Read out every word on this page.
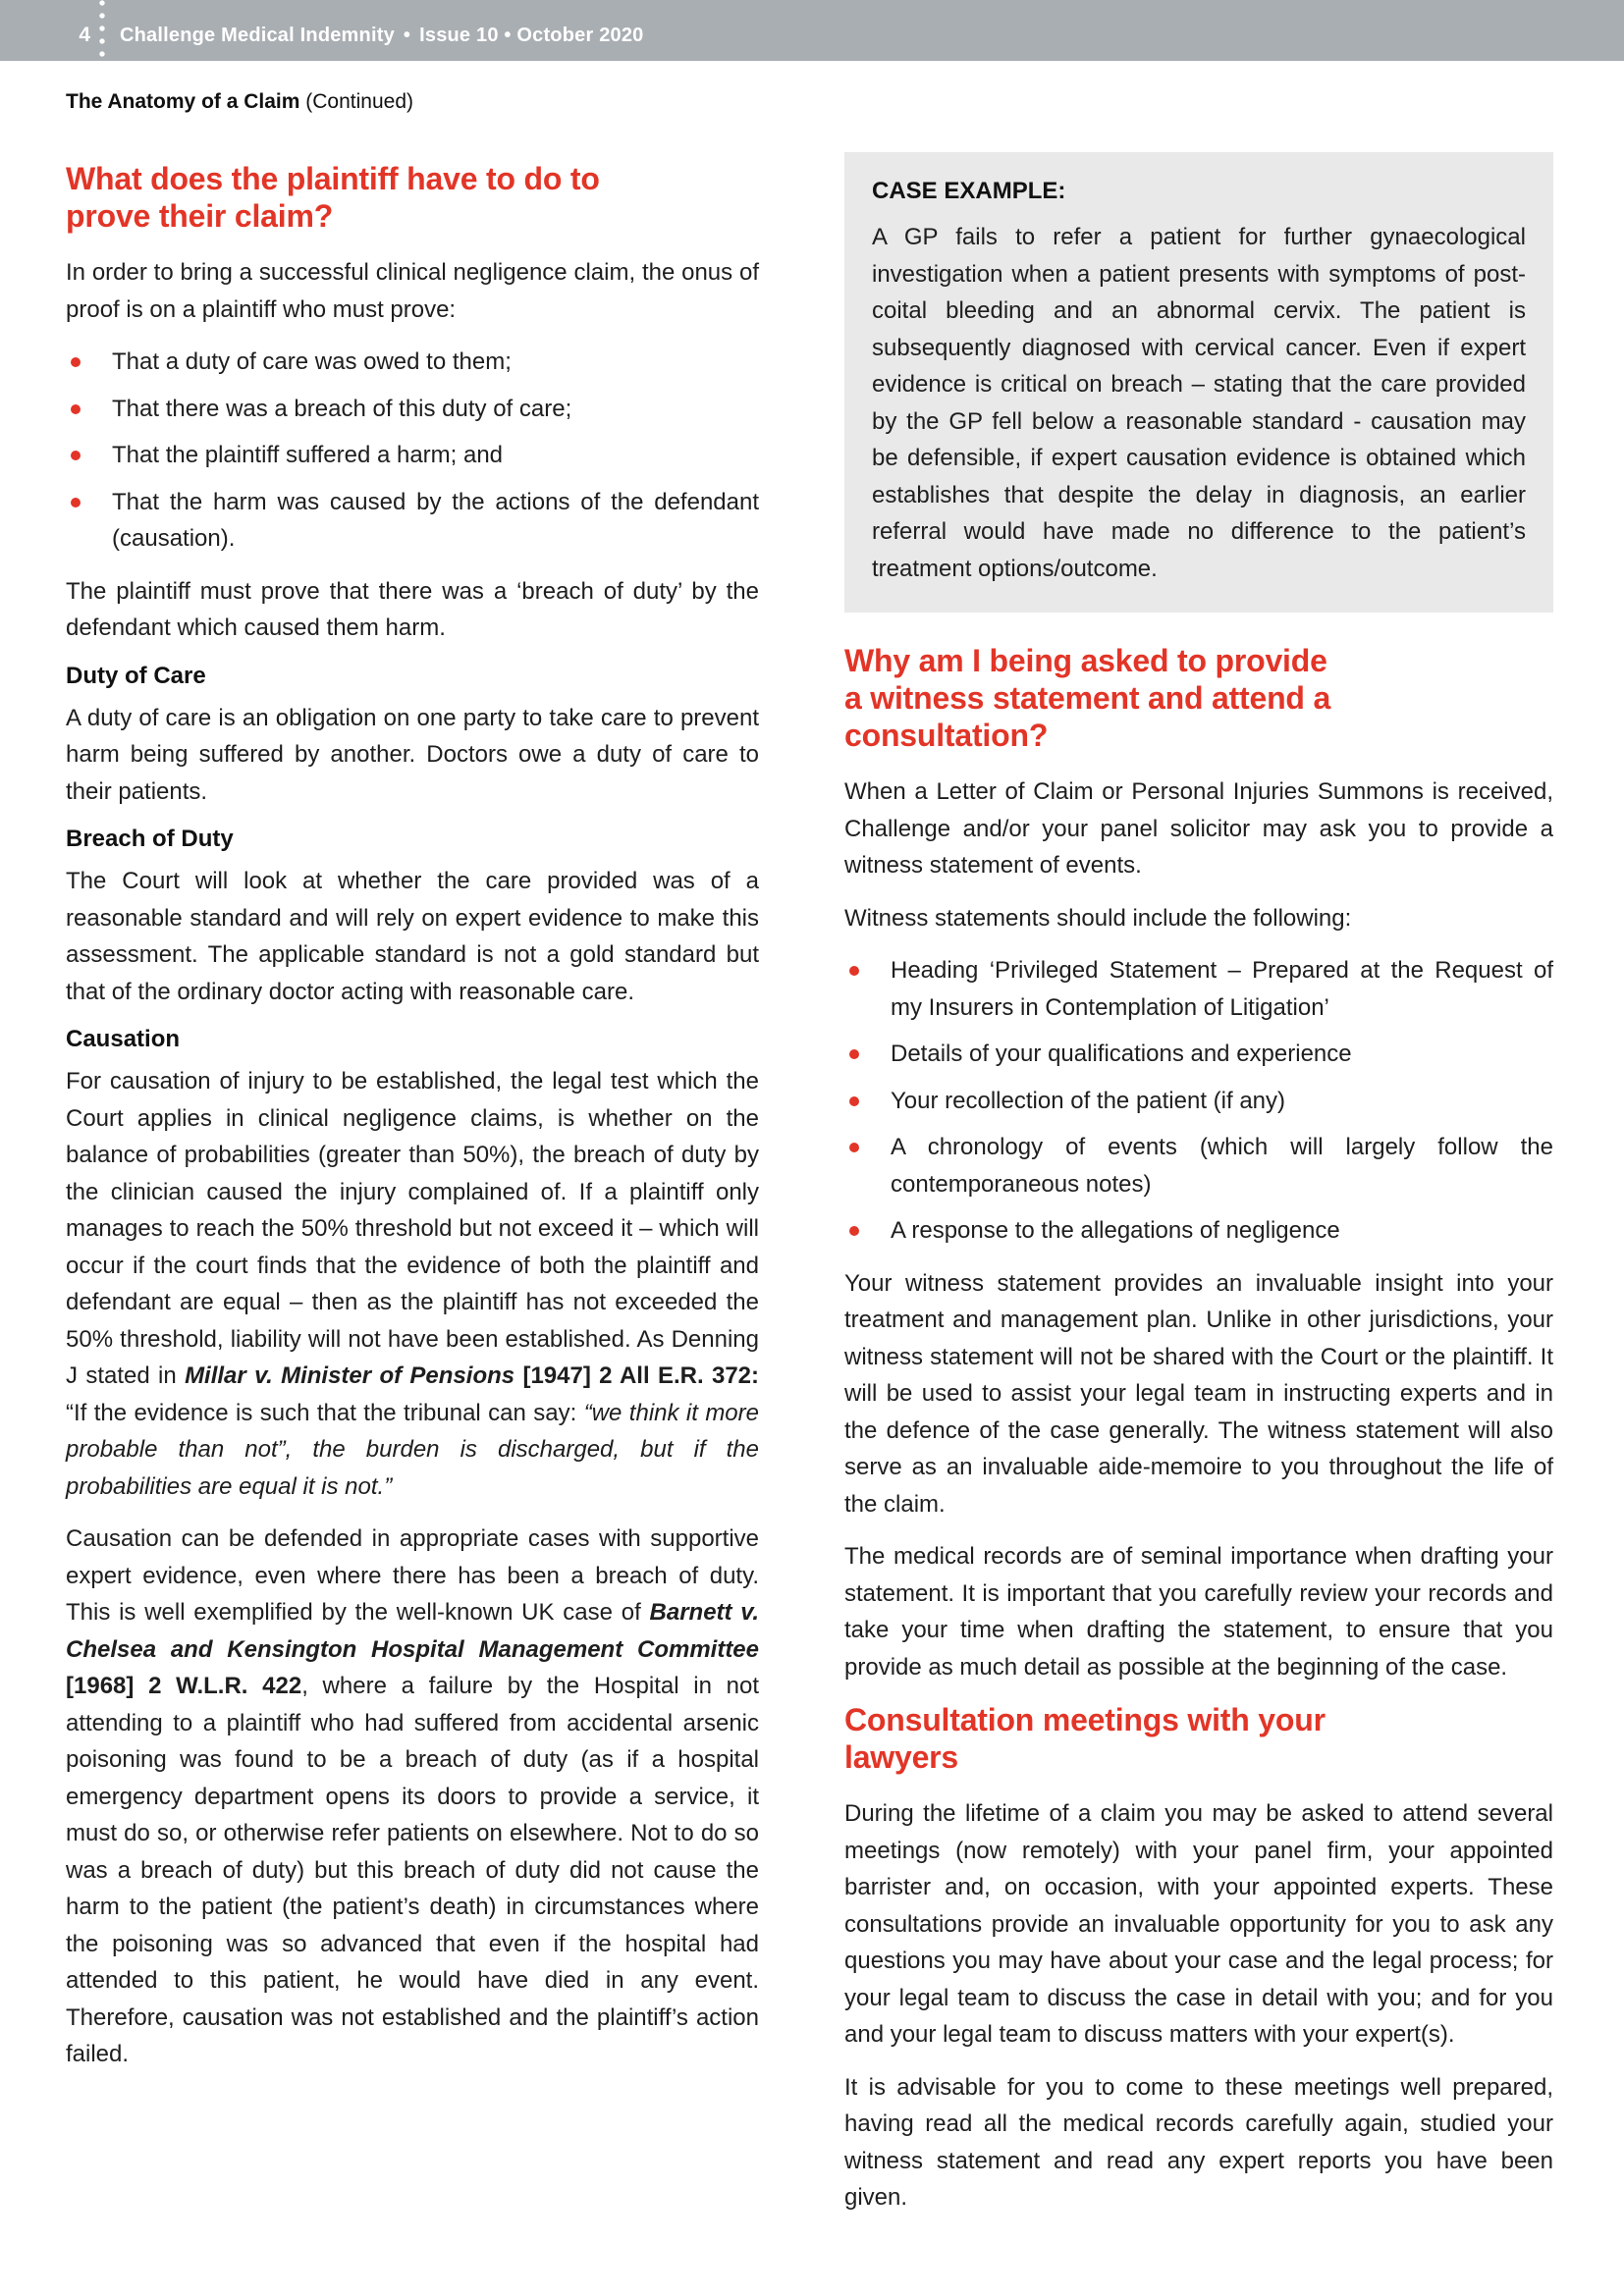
4 Challenge Medical Indemnity • Issue 10 • October 2020
The Anatomy of a Claim (Continued)
What does the plaintiff have to do to
prove their claim?

In order to bring a successful clinical negligence claim, the onus of proof is on a plaintiff who must prove:

That a duty of care was owed to them;
That there was a breach of this duty of care;
That the plaintiff suffered a harm; and
That the harm was caused by the actions of the defendant (causation).

The plaintiff must prove that there was a ‘breach of duty’ by the defendant which caused them harm.

Duty of Care

A duty of care is an obligation on one party to take care to prevent harm being suffered by another. Doctors owe a duty of care to their patients.

Breach of Duty

The Court will look at whether the care provided was of a reasonable standard and will rely on expert evidence to make this assessment. The applicable standard is not a gold standard but that of the ordinary doctor acting with reasonable care.

Causation

For causation of injury to be established, the legal test which the Court applies in clinical negligence claims, is whether on the balance of probabilities (greater than 50%), the breach of duty by the clinician caused the injury complained of. If a plaintiff only manages to reach the 50% threshold but not exceed it – which will occur if the court finds that the evidence of both the plaintiff and defendant are equal – then as the plaintiff has not exceeded the 50% threshold, liability will not have been established. As Denning J stated in Millar v. Minister of Pensions [1947] 2 All E.R. 372: “If the evidence is such that the tribunal can say: “we think it more probable than not”, the burden is discharged, but if the probabilities are equal it is not.”

Causation can be defended in appropriate cases with supportive expert evidence, even where there has been a breach of duty. This is well exemplified by the well-known UK case of Barnett v. Chelsea and Kensington Hospital Management Committee [1968] 2 W.L.R. 422, where a failure by the Hospital in not attending to a plaintiff who had suffered from accidental arsenic poisoning was found to be a breach of duty (as if a hospital emergency department opens its doors to provide a service, it must do so, or otherwise refer patients on elsewhere. Not to do so was a breach of duty) but this breach of duty did not cause the harm to the patient (the patient’s death) in circumstances where the poisoning was so advanced that even if the hospital had attended to this patient, he would have died in any event. Therefore, causation was not established and the plaintiff’s action failed.

CASE EXAMPLE:

A GP fails to refer a patient for further gynaecological investigation when a patient presents with symptoms of post-coital bleeding and an abnormal cervix. The patient is subsequently diagnosed with cervical cancer. Even if expert evidence is critical on breach – stating that the care provided by the GP fell below a reasonable standard - causation may be defensible, if expert causation evidence is obtained which establishes that despite the delay in diagnosis, an earlier referral would have made no difference to the patient’s treatment options/outcome.

Why am I being asked to provide
a witness statement and attend a
consultation?

When a Letter of Claim or Personal Injuries Summons is received, Challenge and/or your panel solicitor may ask you to provide a witness statement of events.

Witness statements should include the following:

Heading ‘Privileged Statement – Prepared at the Request of my Insurers in Contemplation of Litigation’
Details of your qualifications and experience
Your recollection of the patient (if any)
A chronology of events (which will largely follow the contemporaneous notes)
A response to the allegations of negligence

Your witness statement provides an invaluable insight into your treatment and management plan. Unlike in other jurisdictions, your witness statement will not be shared with the Court or the plaintiff. It will be used to assist your legal team in instructing experts and in the defence of the case generally. The witness statement will also serve as an invaluable aide-memoire to you throughout the life of the claim.

The medical records are of seminal importance when drafting your statement. It is important that you carefully review your records and take your time when drafting the statement, to ensure that you provide as much detail as possible at the beginning of the case.

Consultation meetings with your
lawyers

During the lifetime of a claim you may be asked to attend several meetings (now remotely) with your panel firm, your appointed barrister and, on occasion, with your appointed experts. These consultations provide an invaluable opportunity for you to ask any questions you may have about your case and the legal process; for your legal team to discuss the case in detail with you; and for you and your legal team to discuss matters with your expert(s).

It is advisable for you to come to these meetings well prepared, having read all the medical records carefully again, studied your witness statement and read any expert reports you have been given.
